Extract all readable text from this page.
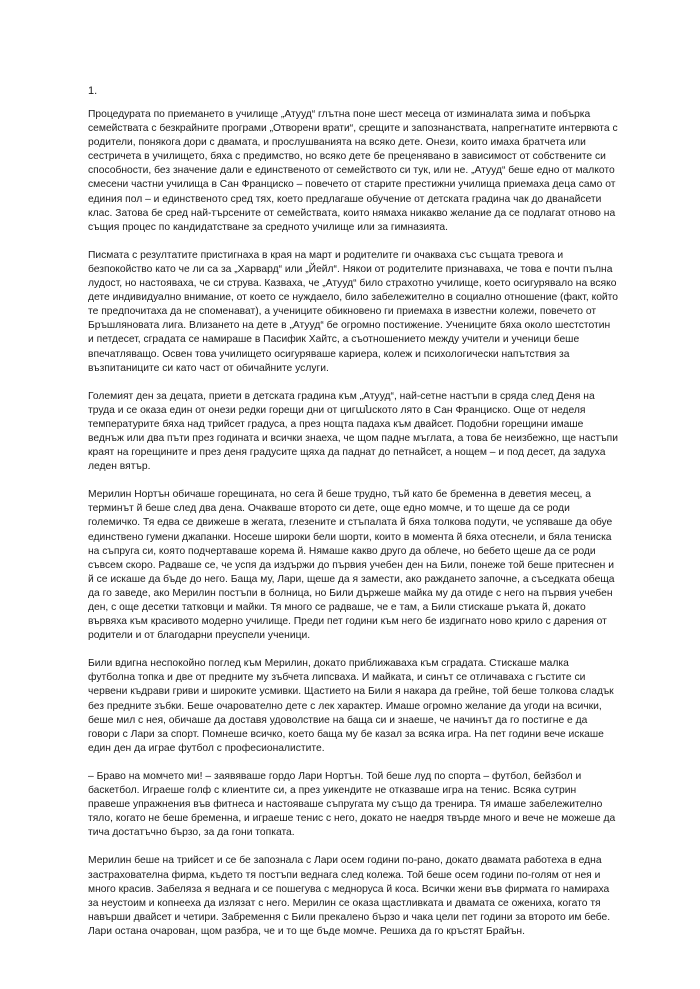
1.

Процедурата по приемането в училище „Атууд“ глътна поне шест месеца от изминалата зима и побърка семействата с безкрайните програми „Отворени врати“, срещите и запознанствата, напрегнатите интервюта с родители, понякога дори с двамата, и прослушванията на всяко дете. Онези, които имаха братчета или сестричета в училището, бяха с предимство, но всяко дете бе преценявано в зависимост от собствените си способности, без значение дали е единственото от семейството си тук, или не. „Атууд“ беше едно от малкото смесени частни училища в Сан Франциско – повечето от старите престижни училища приемаха деца само от единия пол – и единственото сред тях, което предлагаше обучение от детската градина чак до дванайсети клас. Затова бе сред най-търсените от семействата, които нямаха никакво желание да се подлагат отново на същия процес по кандидатстване за средното училище или за гимназията.

Писмата с резултатите пристигнаха в края на март и родителите ги очакваха със същата тревога и безпокойство като че ли са за „Харвард“ или „Йейл“. Някои от родителите признаваха, че това е почти пълна лудост, но настояваха, че си струва. Казваха, че „Атууд“ било страхотно училище, което осигурявало на всяко дете индивидуално внимание, от което се нуждаело, било забележително в социално отношение (факт, който те предпочитаха да не споменават), а учениците обикновено ги приемаха в известни колежи, повечето от Бръшляновата лига. Влизането на дете в „Атууд“ бе огромно постижение. Учениците бяха около шестстотин и петдесет, сградата се намираше в Пасифик Хайтс, а съотношението между учители и ученици беше впечатляващо. Освен това училището осигуряваше кариера, колеж и психологически напътствия за възпитаниците си като част от обичайните услуги.

Големият ден за децата, приети в детската градина към „Атууд“, най-сетне настъпи в сряда след Деня на труда и се оказа един от онези редки горещи дни от цигանското лято в Сан Франциско. Още от неделя температурите бяха над трийсет градуса, а през нощта падаха към двайсет. Подобни горещини имаше веднъж или два пъти през годината и всички знаеха, че щом падне мъглата, а това бе неизбежно, ще настъпи краят на горещините и през деня градусите щяха да паднат до петнайсет, а нощем – и под десет, да задуха леден вятър.

Мерилин Нортън обичаше горещината, но сега й беше трудно, тъй като бе бременна в деветия месец, а терминът й беше след два дена. Очакваше второто си дете, още едно момче, и то щеше да се роди големичко. Тя едва се движеше в жегата, глезените и стъпалата й бяха толкова подути, че успяваше да обуе единствено гумени джапанки. Носеше широки бели шорти, които в момента й бяха отеснели, и бяла тениска на съпруга си, която подчертаваше корема й. Нямаше какво друго да облече, но бебето щеше да се роди съвсем скоро. Радваше се, че успя да издържи до първия учебен ден на Били, понеже той беше притеснен и й се искаше да бъде до него. Баща му, Лари, щеше да я замести, ако раждането започне, а съседката обеща да го заведе, ако Мерилин постъпи в болница, но Били държеше майка му да отиде с него на първия учебен ден, с още десетки татковци и майки. Тя много се радваше, че е там, а Били стискаше ръката й, докато вървяха към красивото модерно училище. Преди пет години към него бе издигнато ново крило с дарения от родители и от благодарни преуспели ученици.

Били вдигна неспокойно поглед към Мерилин, докато приближаваха към сградата. Стискаше малка футболна топка и две от предните му зъбчета липсваха. И майката, и синът се отличаваха с гъстите си червени къдрави гриви и широките усмивки. Щастието на Били я накара да грейне, той беше толкова сладък без предните зъбки. Беше очарователно дете с лек характер. Имаше огромно желание да угоди на всички, беше мил с нея, обичаше да доставя удоволствие на баща си и знаеше, че начинът да го постигне е да говори с Лари за спорт. Помнеше всичко, което баща му бе казал за всяка игра. На пет години вече искаше един ден да играе футбол с професионалистите.

– Браво на момчето ми! – заявяваше гордо Лари Нортън. Той беше луд по спорта – футбол, бейзбол и баскетбол. Играеше голф с клиентите си, а през уикендите не отказваше игра на тенис. Всяка сутрин правеше упражнения във фитнеса и настояваше съпругата му също да тренира. Тя имаше забележително тяло, когато не беше бременна, и играеше тенис с него, докато не наедря твърде много и вече не можеше да тича достатъчно бързо, за да гони топката.

Мерилин беше на трийсет и се бе запознала с Лари осем години по-рано, докато двамата работеха в една застрахователна фирма, където тя постъпи веднага след колежа. Той беше осем години по-голям от нея и много красив. Забеляза я веднага и се пошегува с медноруса й коса. Всички жени във фирмата го намираха за неустоим и копнееха да излязат с него. Мерилин се оказа щастливката и двамата се ожениха, когато тя навърши двайсет и четири. Забремення с Били прекалено бързо и чака цели пет години за второто им бебе. Лари остана очарован, щом разбра, че и то ще бъде момче. Решиха да го кръстят Брайън.
